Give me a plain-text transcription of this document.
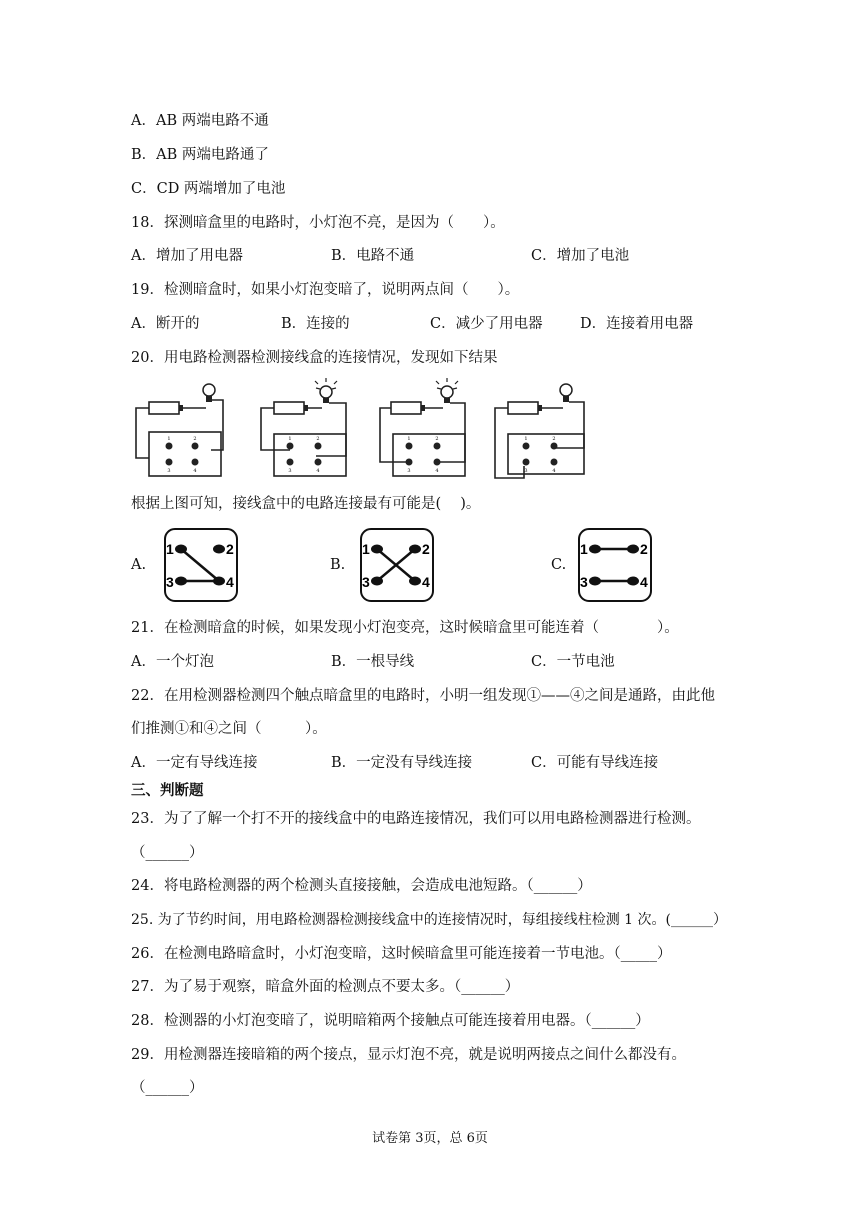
A．AB 两端电路不通
B．AB 两端电路通了
C．CD 两端增加了电池
18．探测暗盒里的电路时，小灯泡不亮，是因为（　　）。
A．增加了用电器	B．电路不通	C．增加了电池
19．检测暗盒时，如果小灯泡变暗了，说明两点间（　　）。
A．断开的	B．连接的	C．减少了用电器	D．连接着用电器
20．用电路检测器检测接线盒的连接情况，发现如下结果
1	2
3	4
1	2
3	4
1	2
3	4
1	2
3	4
根据上图可知，接线盒中的电路连接最有可能是(　 )。
A.
1	2
3	4
B.
1	2
3	4
C.
1	2
3	4
21．在检测暗盒的时候，如果发现小灯泡变亮，这时候暗盒里可能连着（　　　　）。
A．一个灯泡	B．一根导线	C．一节电池
22．在用检测器检测四个触点暗盒里的电路时，小明一组发现①——④之间是通路，由此他
们推测①和④之间（　　　）。
A．一定有导线连接	B．一定没有导线连接	C．可能有导线连接
三、判断题
23．为了了解一个打不开的接线盒中的电路连接情况，我们可以用电路检测器进行检测。
（______）
24．将电路检测器的两个检测头直接接触，会造成电池短路。（______）
25. 为了节约时间，用电路检测器检测接线盒中的连接情况时，每组接线柱检测 1 次。(______）
26．在检测电路暗盒时，小灯泡变暗，这时候暗盒里可能连接着一节电池。（_____）
27．为了易于观察，暗盒外面的检测点不要太多。（______）
28．检测器的小灯泡变暗了，说明暗箱两个接触点可能连接着用电器。（______）
29．用检测器连接暗箱的两个接点，显示灯泡不亮，就是说明两接点之间什么都没有。
（______）
试卷第 3页，总 6页
